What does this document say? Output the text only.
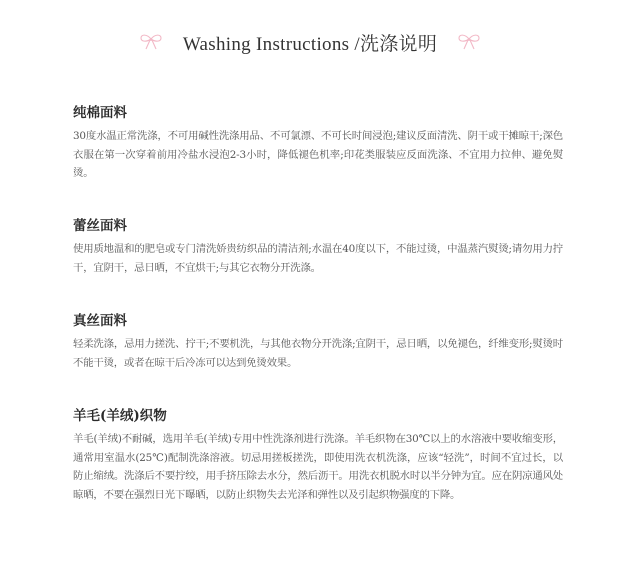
Washing Instructions /洗涤说明
纯棉面料

30度水温正常洗涤，不可用碱性洗涤用品、不可氯漂、不可长时间浸泡;建议反面清洗、阴干或干摊晾干;深色衣服在第一次穿着前用冷盐水浸泡2-3小时，降低褪色机率;印花类服装应反面洗涤、不宜用力拉伸、避免熨烫。

蕾丝面料

使用质地温和的肥皂或专门清洗娇贵纺织品的清洁剂;水温在40度以下，不能过烫，中温蒸汽熨烫;请勿用力拧干，宜阴干，忌日晒，不宜烘干;与其它衣物分开洗涤。

真丝面料

轻柔洗涤，忌用力搓洗、拧干;不要机洗，与其他衣物分开洗涤;宜阴干，忌日晒，以免褪色，纤维变形;熨烫时不能干烫，或者在晾干后冷冻可以达到免烫效果。

羊毛(羊绒)织物

羊毛(羊绒)不耐碱，选用羊毛(羊绒)专用中性洗涤剂进行洗涤。羊毛织物在30℃以上的水溶液中要收缩变形，通常用室温水(25℃)配制洗涤溶液。切忌用搓板搓洗，即使用洗衣机洗涤，应该“轻洗”，时间不宜过长，以防止缩绒。洗涤后不要拧绞，用手挤压除去水分，然后沥干。用洗衣机脱水时以半分钟为宜。应在阴凉通风处晾晒，不要在强烈日光下曝晒，以防止织物失去光泽和弹性以及引起织物强度的下降。
